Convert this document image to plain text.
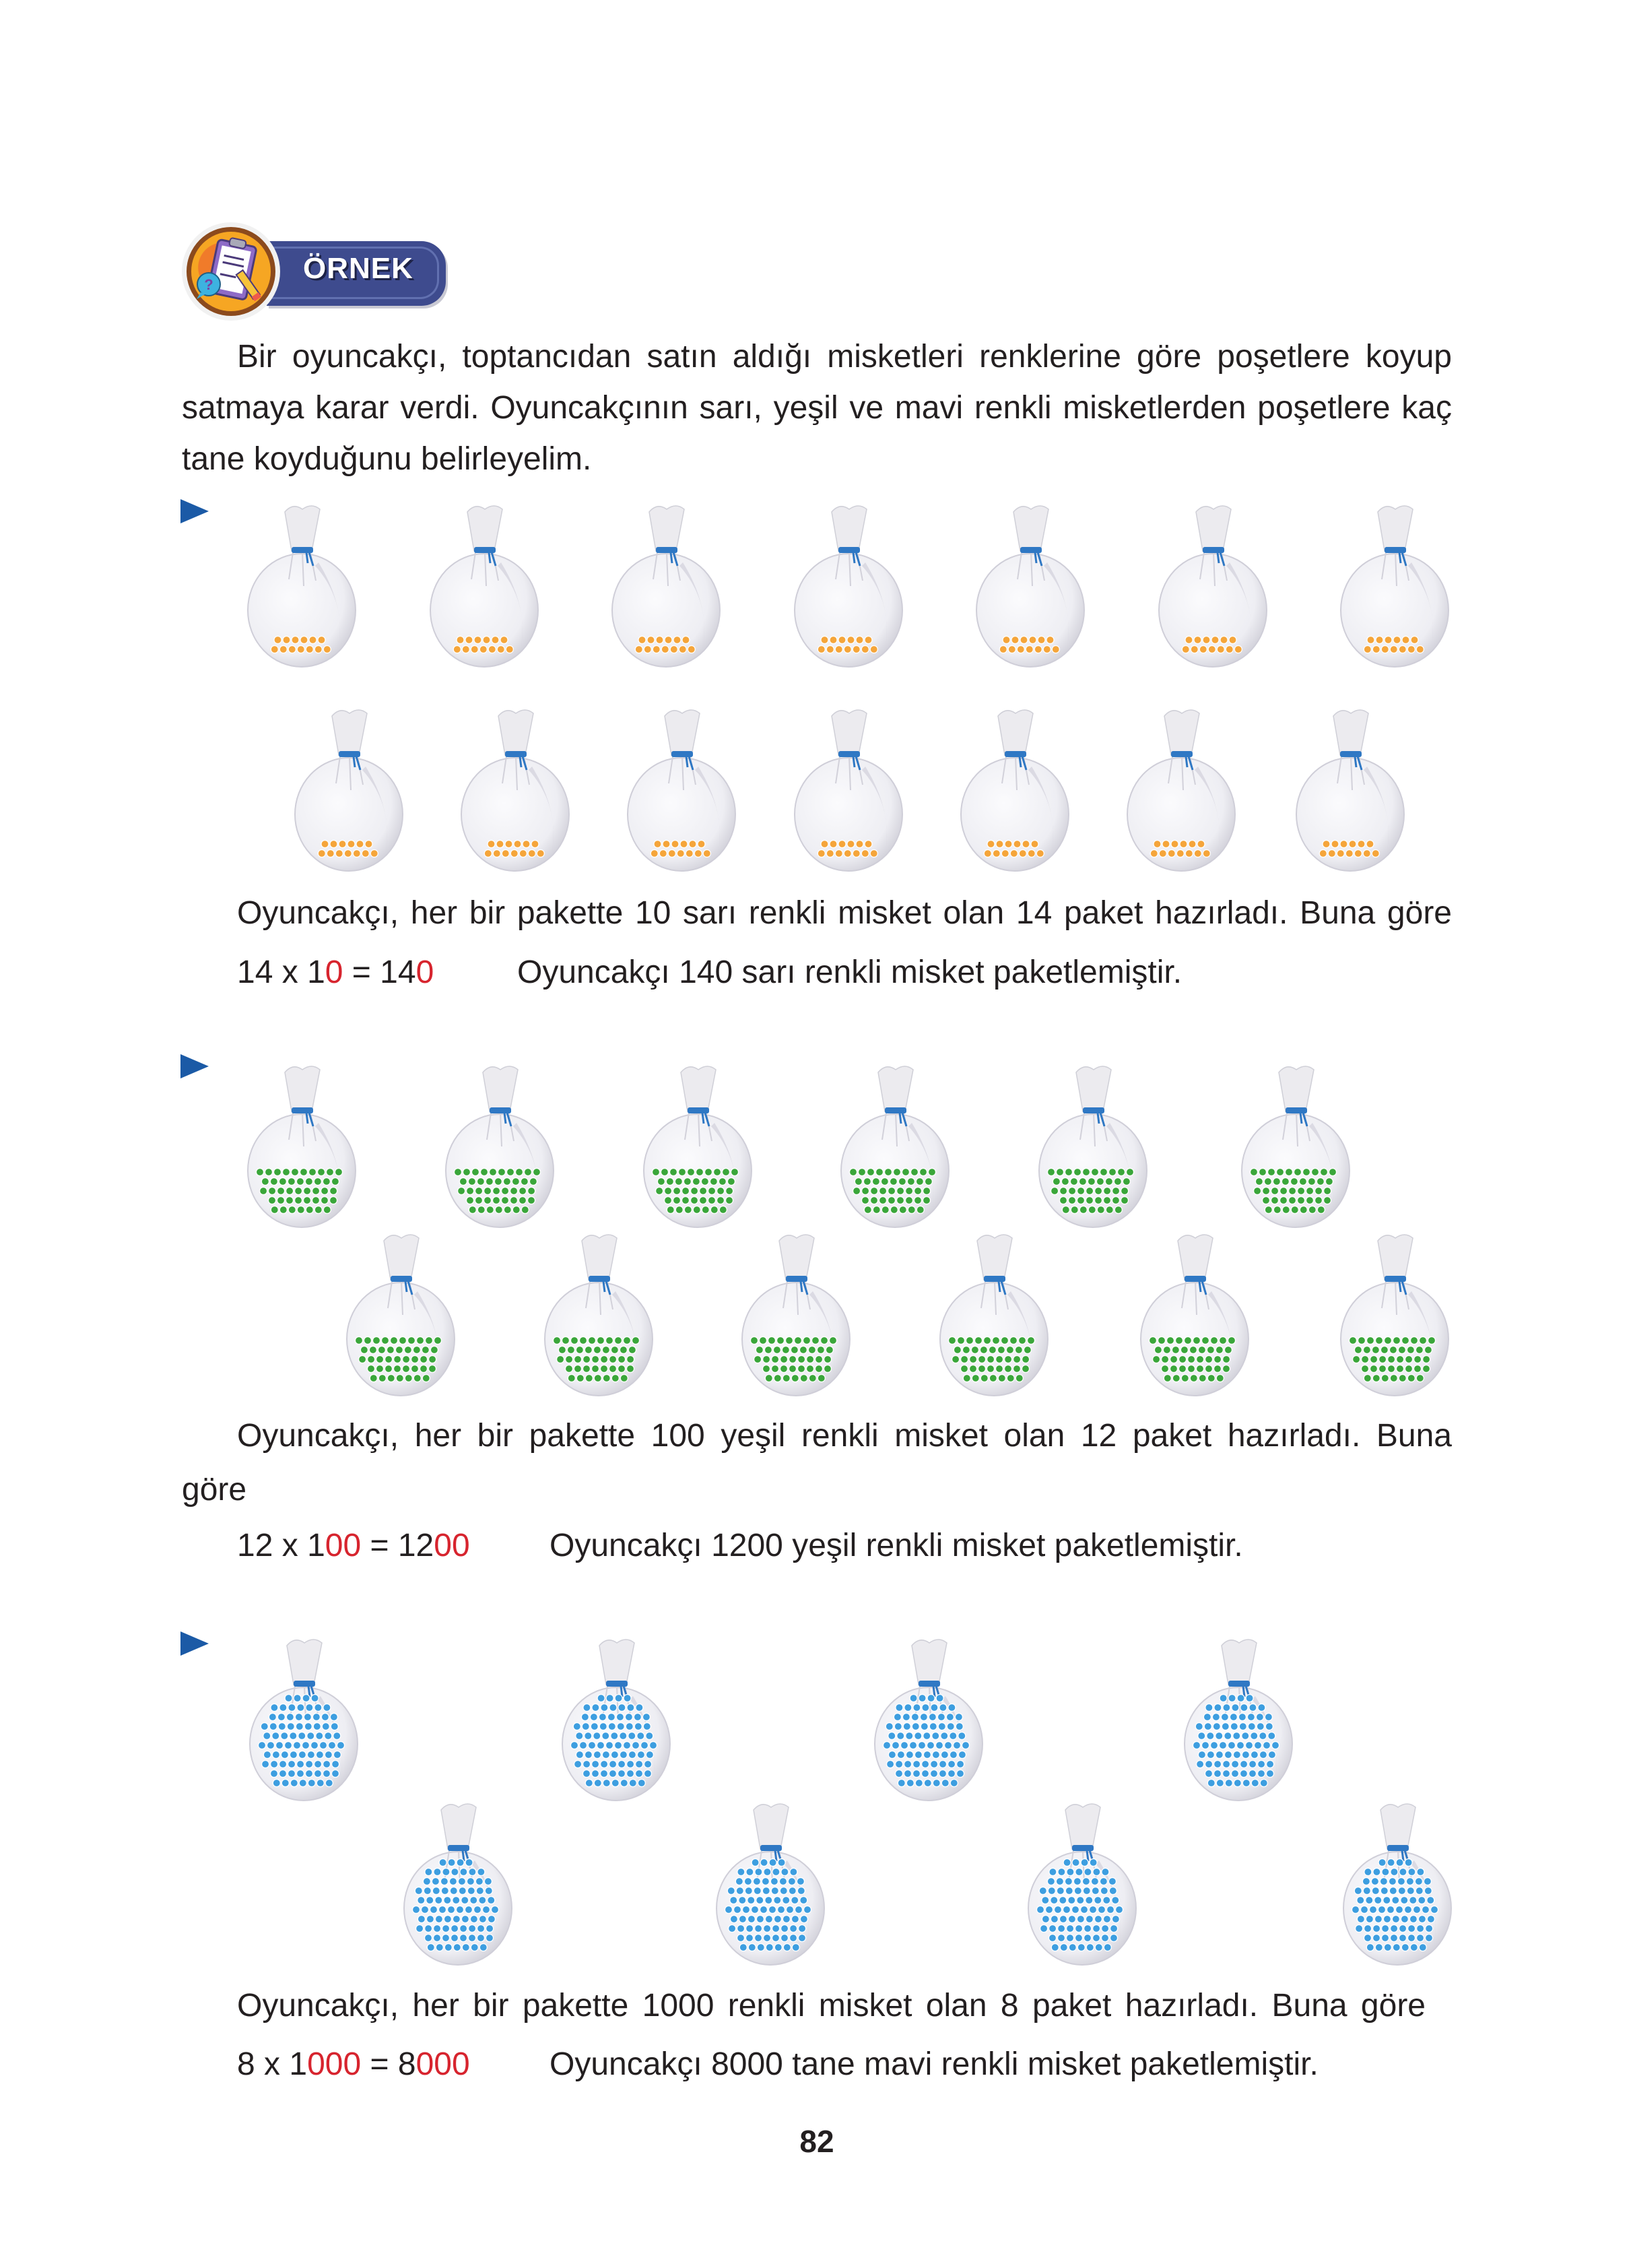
ÖRNEK
?
Bir oyuncakçı, toptancıdan satın aldığı misketleri renklerine göre poşetlere koyup satmaya karar verdi. Oyuncakçının sarı, yeşil ve mavi renkli misketlerden poşetlere kaç tane koyduğunu belirleyelim.
Oyuncakçı, her bir pakette 10 sarı renkli misket olan 14 paket hazırladı. Buna göre
14 x 10 = 140	Oyuncakçı 140 sarı renkli misket paketlemiştir.
Oyuncakçı, her bir pakette 100 yeşil renkli misket olan 12 paket hazırladı. Buna
göre
12 x 100 = 1200 Oyuncakçı 1200 yeşil renkli misket paketlemiştir.
Oyuncakçı, her bir pakette 1000 renkli misket olan 8 paket hazırladı. Buna göre
8 x 1000 = 8000 Oyuncakçı 8000 tane mavi renkli misket paketlemiştir.
82
